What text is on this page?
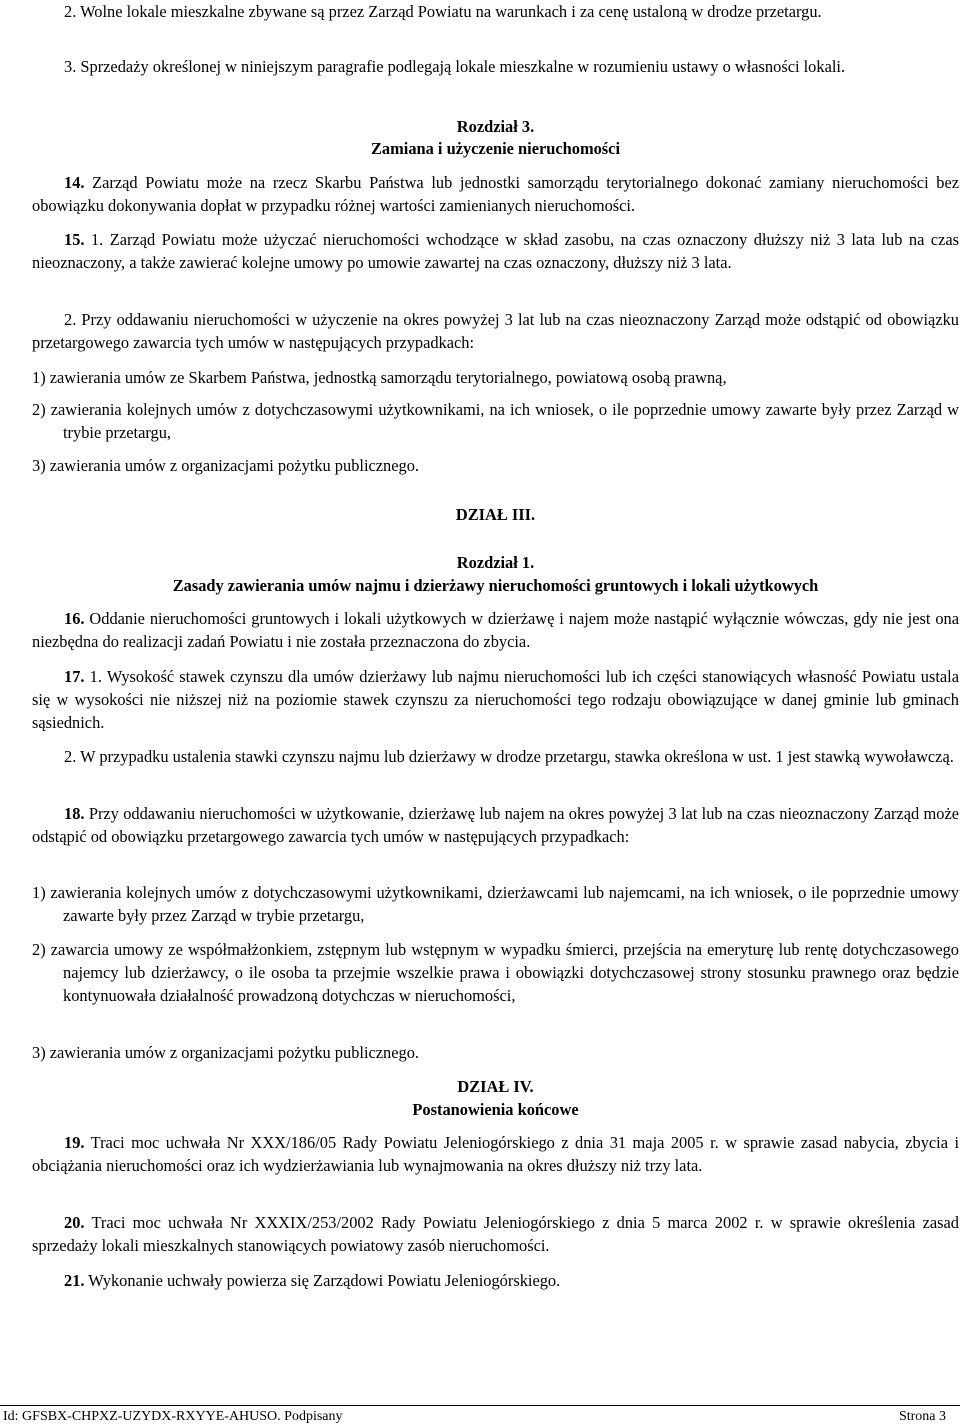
2. Wolne lokale mieszkalne zbywane są przez Zarząd Powiatu na warunkach i za cenę ustaloną w drodze przetargu.

3. Sprzedaży określonej w niniejszym paragrafie podlegają lokale mieszkalne w rozumieniu ustawy o własności lokali.

Rozdział 3.

Zamiana i użyczenie nieruchomości

14. Zarząd Powiatu może na rzecz Skarbu Państwa lub jednostki samorządu terytorialnego dokonać zamiany nieruchomości bez obowiązku dokonywania dopłat w przypadku różnej wartości zamienianych nieruchomości.

15. 1. Zarząd Powiatu może użyczać nieruchomości wchodzące w skład zasobu, na czas oznaczony dłuższy niż 3 lata lub na czas nieoznaczony, a także zawierać kolejne umowy po umowie zawartej na czas oznaczony, dłuższy niż 3 lata.

2. Przy oddawaniu nieruchomości w użyczenie na okres powyżej 3 lat lub na czas nieoznaczony Zarząd może odstąpić od obowiązku przetargowego zawarcia tych umów w następujących przypadkach:

1) zawierania umów ze Skarbem Państwa, jednostką samorządu terytorialnego, powiatową osobą prawną,

2) zawierania kolejnych umów z dotychczasowymi użytkownikami, na ich wniosek, o ile poprzednie umowy zawarte były przez Zarząd w trybie przetargu,

3) zawierania umów z organizacjami pożytku publicznego.

DZIAŁ III.

Rozdział 1.

Zasady zawierania umów najmu i dzierżawy nieruchomości gruntowych i lokali użytkowych

16. Oddanie nieruchomości gruntowych i lokali użytkowych w dzierżawę i najem może nastąpić wyłącznie wówczas, gdy nie jest ona niezbędna do realizacji zadań Powiatu i nie została przeznaczona do zbycia.

17. 1. Wysokość stawek czynszu dla umów dzierżawy lub najmu nieruchomości lub ich części stanowiących własność Powiatu ustala się w wysokości nie niższej niż na poziomie stawek czynszu za nieruchomości tego rodzaju obowiązujące w danej gminie lub gminach sąsiednich.

2. W przypadku ustalenia stawki czynszu najmu lub dzierżawy w drodze przetargu, stawka określona w ust. 1 jest stawką wywoławczą.

18. Przy oddawaniu nieruchomości w użytkowanie, dzierżawę lub najem na okres powyżej 3 lat lub na czas nieoznaczony Zarząd może odstąpić od obowiązku przetargowego zawarcia tych umów w następujących przypadkach:

1) zawierania kolejnych umów z dotychczasowymi użytkownikami, dzierżawcami lub najemcami, na ich wniosek, o ile poprzednie umowy zawarte były przez Zarząd w trybie przetargu,

2) zawarcia umowy ze współmałżonkiem, zstępnym lub wstępnym w wypadku śmierci, przejścia na emeryturę lub rentę dotychczasowego najemcy lub dzierżawcy, o ile osoba ta przejmie wszelkie prawa i obowiązki dotychczasowej strony stosunku prawnego oraz będzie kontynuowała działalność prowadzoną dotychczas w nieruchomości,

3) zawierania umów z organizacjami pożytku publicznego.

DZIAŁ IV.

Postanowienia końcowe

19. Traci moc uchwała Nr XXX/186/05 Rady Powiatu Jeleniogórskiego z dnia 31 maja 2005 r. w sprawie zasad nabycia, zbycia i obciążania nieruchomości oraz ich wydzierżawiania lub wynajmowania na okres dłuższy niż trzy lata.

20. Traci moc uchwała Nr XXXIX/253/2002 Rady Powiatu Jeleniogórskiego z dnia 5 marca 2002 r. w sprawie określenia zasad sprzedaży lokali mieszkalnych stanowiących powiatowy zasób nieruchomości.

21. Wykonanie uchwały powierza się Zarządowi Powiatu Jeleniogórskiego.

Id: GFSBX-CHPXZ-UZYDX-RXYYE-AHUSO. Podpisany	Strona 3
